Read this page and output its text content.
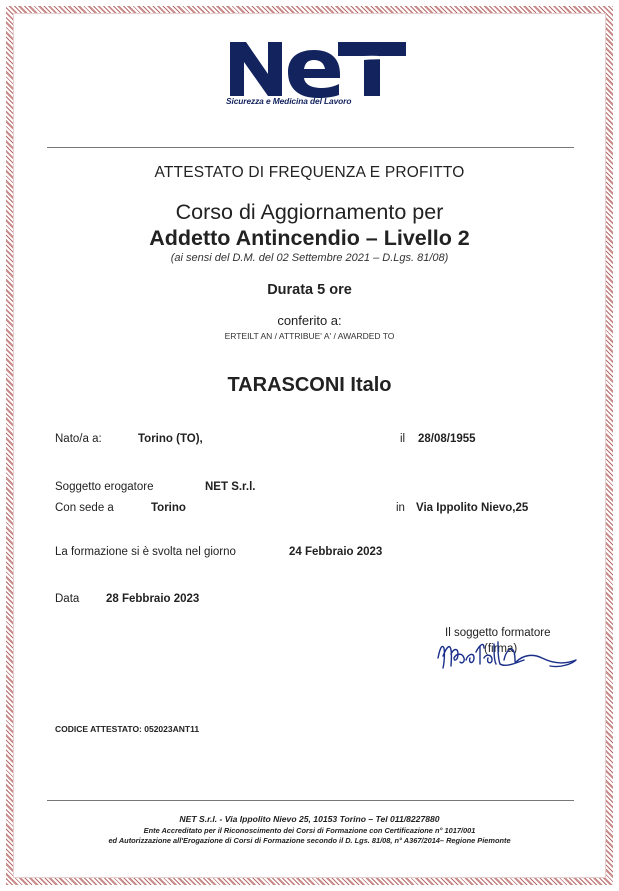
Sicurezza e Medicina del Lavoro
ATTESTATO DI FREQUENZA E PROFITTO
Corso di Aggiornamento per
Addetto Antincendio – Livello 2
(ai sensi del D.M. del 02 Settembre 2021 – D.Lgs. 81/08)
Durata 5 ore
conferito a:
ERTEILT AN / ATTRIBUE' A' / AWARDED TO
TARASCONI Italo
Nato/a a:	Torino (TO),	il 28/08/1955
Soggetto erogatore	NET S.r.l.
Con sede a	Torino	in Via Ippolito Nievo,25
La formazione si è svolta nel giorno	24 Febbraio 2023
Data 28 Febbraio 2023
Il soggetto formatore
(firma)
CODICE ATTESTATO: 052023ANT11
NET S.r.l. - Via Ippolito Nievo 25, 10153 Torino – Tel 011/8227880
Ente Accreditato per il Riconoscimento dei Corsi di Formazione con Certificazione n° 1017/001
ed Autorizzazione all'Erogazione di Corsi di Formazione secondo il D. Lgs. 81/08, n° A367/2014– Regione Piemonte
